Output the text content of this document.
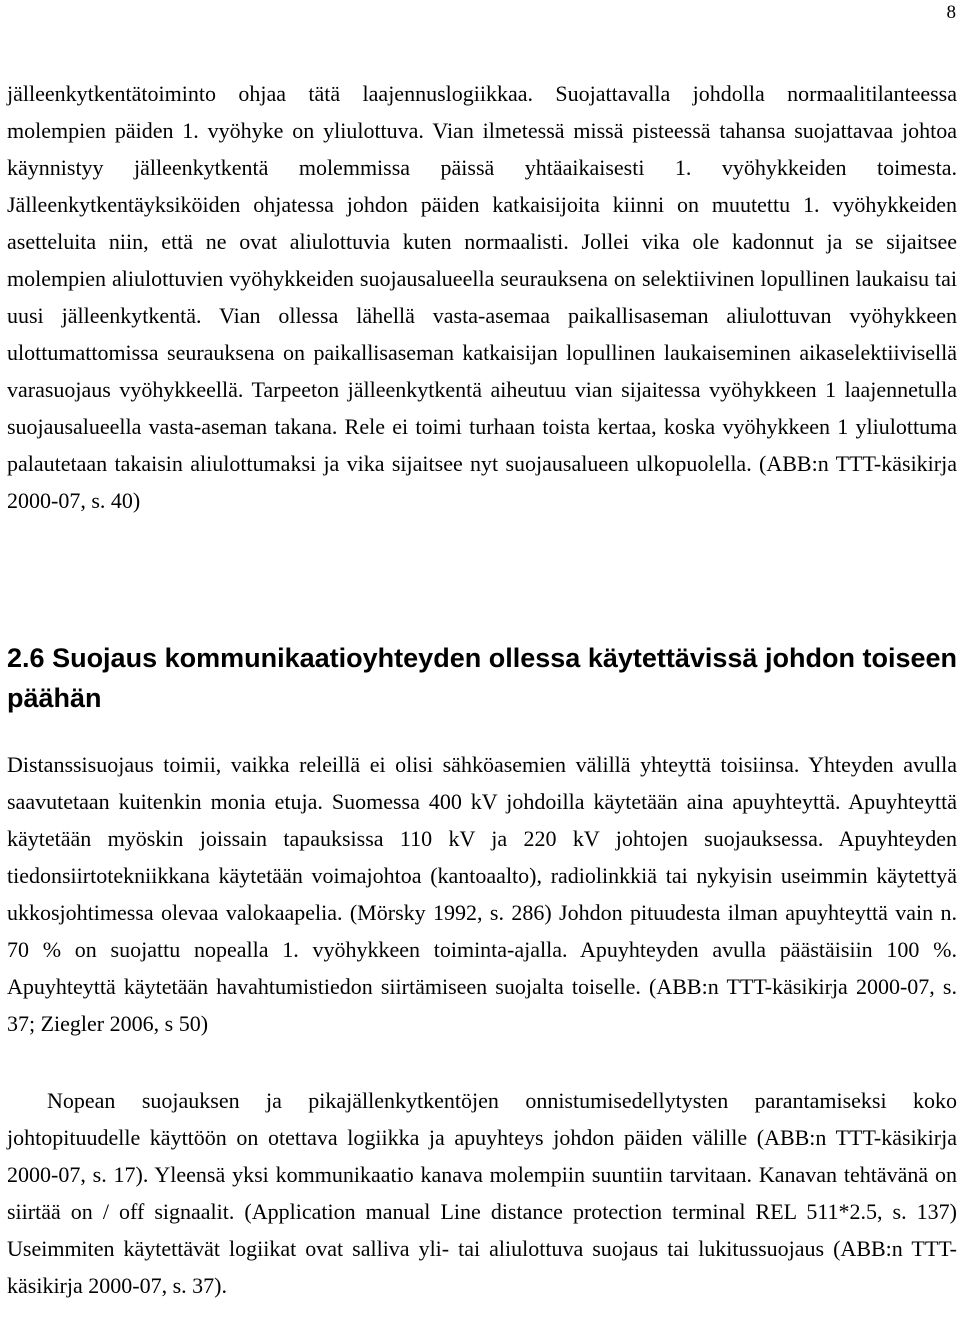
8

jälleenkytkentätoiminto ohjaa tätä laajennuslogiikkaa. Suojattavalla johdolla normaalitilanteessa molempien päiden 1. vyöhyke on yliulottuva. Vian ilmetessä missä pisteessä tahansa suojattavaa johtoa käynnistyy jälleenkytkentä molemmissa päissä yhtäaikaisesti 1. vyöhykkeiden toimesta. Jälleenkytkentäyksiköiden ohjatessa johdon päiden katkaisijoita kiinni on muutettu 1. vyöhykkeiden asetteluita niin, että ne ovat aliulottuvia kuten normaalisti. Jollei vika ole kadonnut ja se sijaitsee molempien aliulottuvien vyöhykkeiden suojausalueella seurauksena on selektiivinen lopullinen laukaisu tai uusi jälleenkytkentä. Vian ollessa lähellä vasta-asemaa paikallisaseman aliulottuvan vyöhykkeen ulottumattomissa seurauksena on paikallisaseman katkaisijan lopullinen laukaiseminen aikaselektiivisellä varasuojaus vyöhykkeellä. Tarpeeton jälleenkytkentä aiheutuu vian sijaitessa vyöhykkeen 1 laajennetulla suojausalueella vasta-aseman takana. Rele ei toimi turhaan toista kertaa, koska vyöhykkeen 1 yliulottuma palautetaan takaisin aliulottumaksi ja vika sijaitsee nyt suojausalueen ulkopuolella. (ABB:n TTT-käsikirja 2000-07, s. 40)

2.6 Suojaus kommunikaatioyhteyden ollessa käytettävissä johdon toiseen päähän

Distanssisuojaus toimii, vaikka releillä ei olisi sähköasemien välillä yhteyttä toisiinsa. Yhteyden avulla saavutetaan kuitenkin monia etuja. Suomessa 400 kV johdoilla käytetään aina apuyhteyttä. Apuyhteyttä käytetään myöskin joissain tapauksissa 110 kV ja 220 kV johtojen suojauksessa. Apuyhteyden tiedonsiirtotekniikkana käytetään voimajohtoa (kantoaalto), radiolinkkiä tai nykyisin useimmin käytettyä ukkosjohtimessa olevaa valokaapelia. (Mörsky 1992, s. 286) Johdon pituudesta ilman apuyhteyttä vain n. 70 % on suojattu nopealla 1. vyöhykkeen toiminta-ajalla. Apuyhteyden avulla päästäisiin 100 %. Apuyhteyttä käytetään havahtumistiedon siirtämiseen suojalta toiselle. (ABB:n TTT-käsikirja 2000-07, s. 37; Ziegler 2006, s 50)

Nopean suojauksen ja pikajällenkytkentöjen onnistumisedellytysten parantamiseksi koko johtopituudelle käyttöön on otettava logiikka ja apuyhteys johdon päiden välille (ABB:n TTT-käsikirja 2000-07, s. 17). Yleensä yksi kommunikaatio kanava molempiin suuntiin tarvitaan. Kanavan tehtävänä on siirtää on / off signaalit. (Application manual Line distance protection terminal REL 511*2.5, s. 137) Useimmiten käytettävät logiikat ovat salliva yli- tai aliulottuva suojaus tai lukitussuojaus (ABB:n TTT-käsikirja 2000-07, s. 37).
